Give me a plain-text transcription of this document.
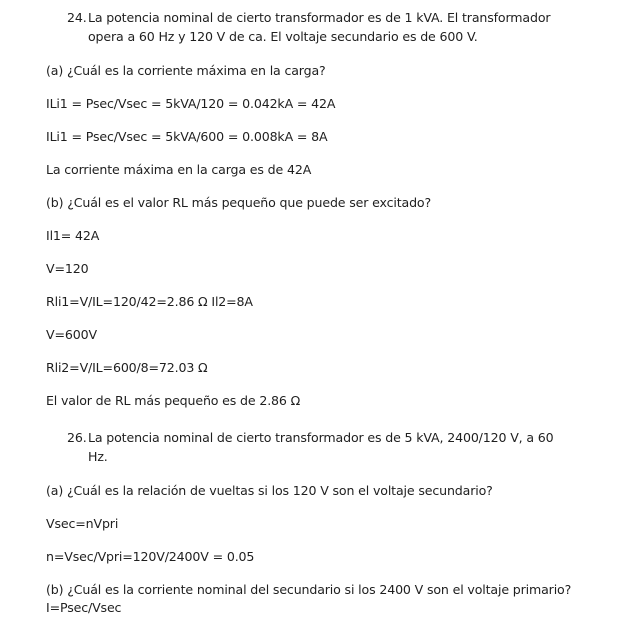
24. La potencia nominal de cierto transformador es de 1 kVA. El transformador
opera a 60 Hz y 120 V de ca. El voltaje secundario es de 600 V.
(a) ¿Cuál es la corriente máxima en la carga?
ILi1 = Psec/Vsec = 5kVA/120 = 0.042kA = 42A
ILi1 = Psec/Vsec = 5kVA/600 = 0.008kA = 8A
La corriente máxima en la carga es de 42A
(b) ¿Cuál es el valor RL más pequeño que puede ser excitado?
Il1= 42A
V=120
Rli1=V/IL=120/42=2.86 Ω Il2=8A
V=600V
Rli2=V/IL=600/8=72.03 Ω
El valor de RL más pequeño es de 2.86 Ω
26. La potencia nominal de cierto transformador es de 5 kVA, 2400/120 V, a 60
Hz.
(a) ¿Cuál es la relación de vueltas si los 120 V son el voltaje secundario?
Vsec=nVpri
n=Vsec/Vpri=120V/2400V = 0.05
(b) ¿Cuál es la corriente nominal del secundario si los 2400 V son el voltaje primario?
I=Psec/Vsec
